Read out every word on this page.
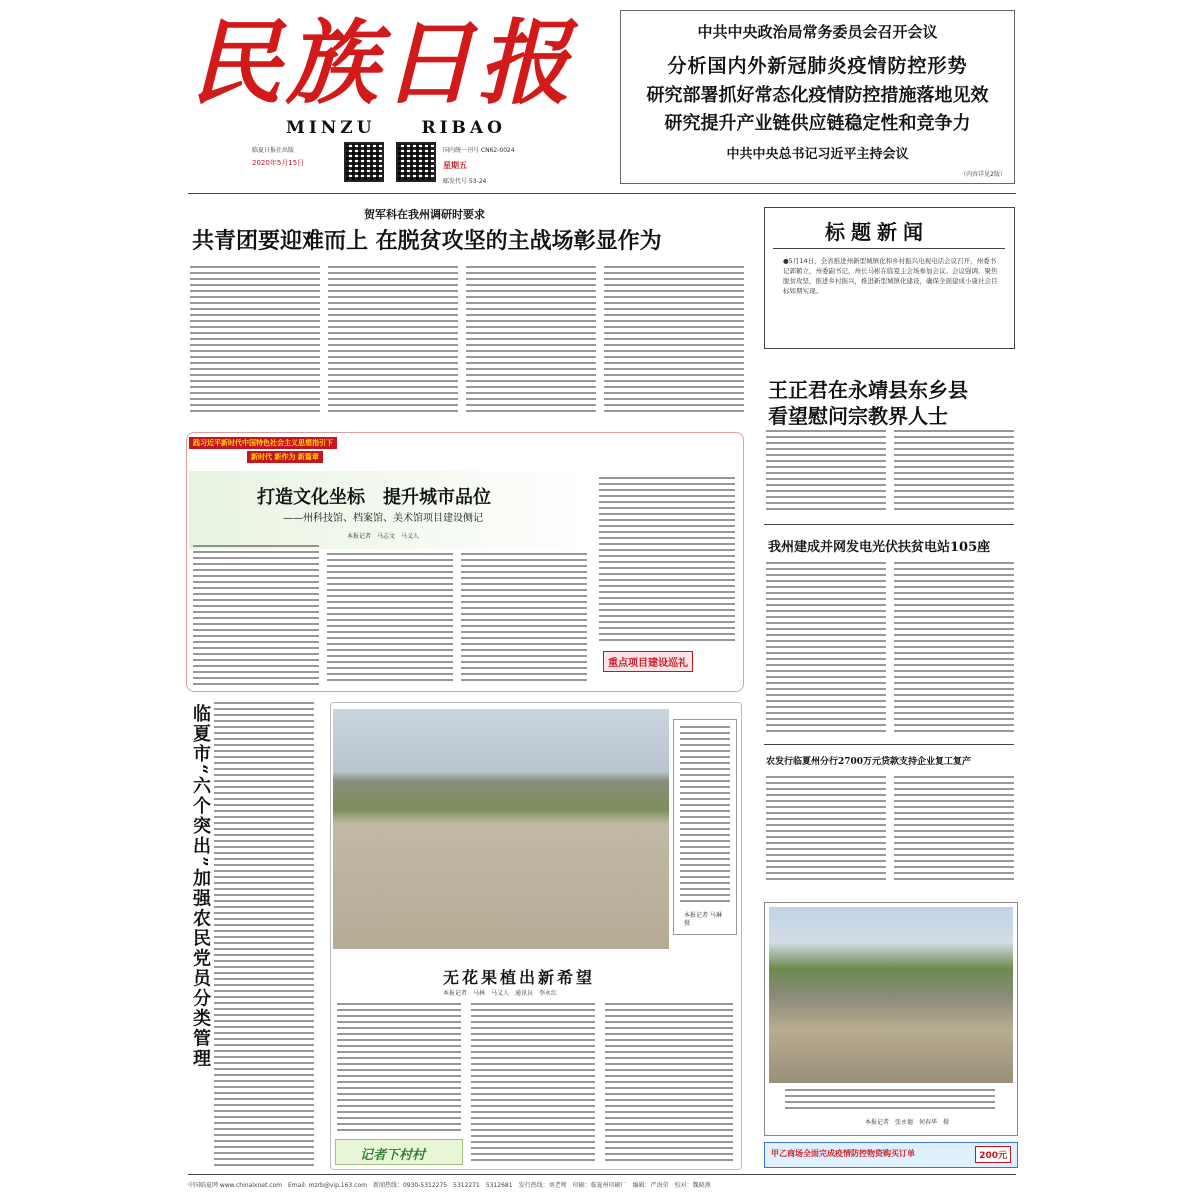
民族日报
MINZU RIBAO
临夏日报社出版
2020年5月15日
国内统一刊号 CN62-0024
星期五
邮发代号 53-24
中共中央政治局常务委员会召开会议
分析国内外新冠肺炎疫情防控形势
研究部署抓好常态化疫情防控措施落地见效
研究提升产业链供应链稳定性和竞争力
中共中央总书记习近平主持会议
（内容详见2版）
贺军科在我州调研时要求
共青团要迎难而上 在脱贫攻坚的主战场彰显作为	标题新闻
●5月14日，全省推进州新型城镇化和乡村振兴电视电话会议召开，州委书记郭鹤立，州委副书记，州长马彬在临夏主会场参加会议。会议强调，聚焦脱贫攻坚，推进乡村振兴，推进新型城镇化建设，确保全面建成小康社会目标如期实现。
王正君在永靖县东乡县
看望慰问宗教界人士
我州建成并网发电光伏扶贫电站105座
农发行临夏州分行2700万元贷款支持企业复工复产
本报记者　张永德　何春华　摄
甲乙商场全面完成疫情防控物资购买订单	200元
践习近平新时代中国特色社会主义思想指引下
新时代 新作为 新篇章
打造文化坐标　提升城市品位
——州科技馆、档案馆、美术馆项目建设侧记
本报记者　马志文　马义人
重点项目建设巡礼
临夏市“六个突出”加强农民党员分类管理	本报记者 马琳 摄
无花果植出新希望
本报记者　马林　马义人　通讯员　李永红
记者下村村
中国临夏网 www.chinalxnet.com　Email: mzrb@vip.163.com　新闻热线：0930-5312275　5312271　5312681　发行热线：刘老师　印刷：临夏州印刷厂　编辑：严海荣　校对：魏晓燕
